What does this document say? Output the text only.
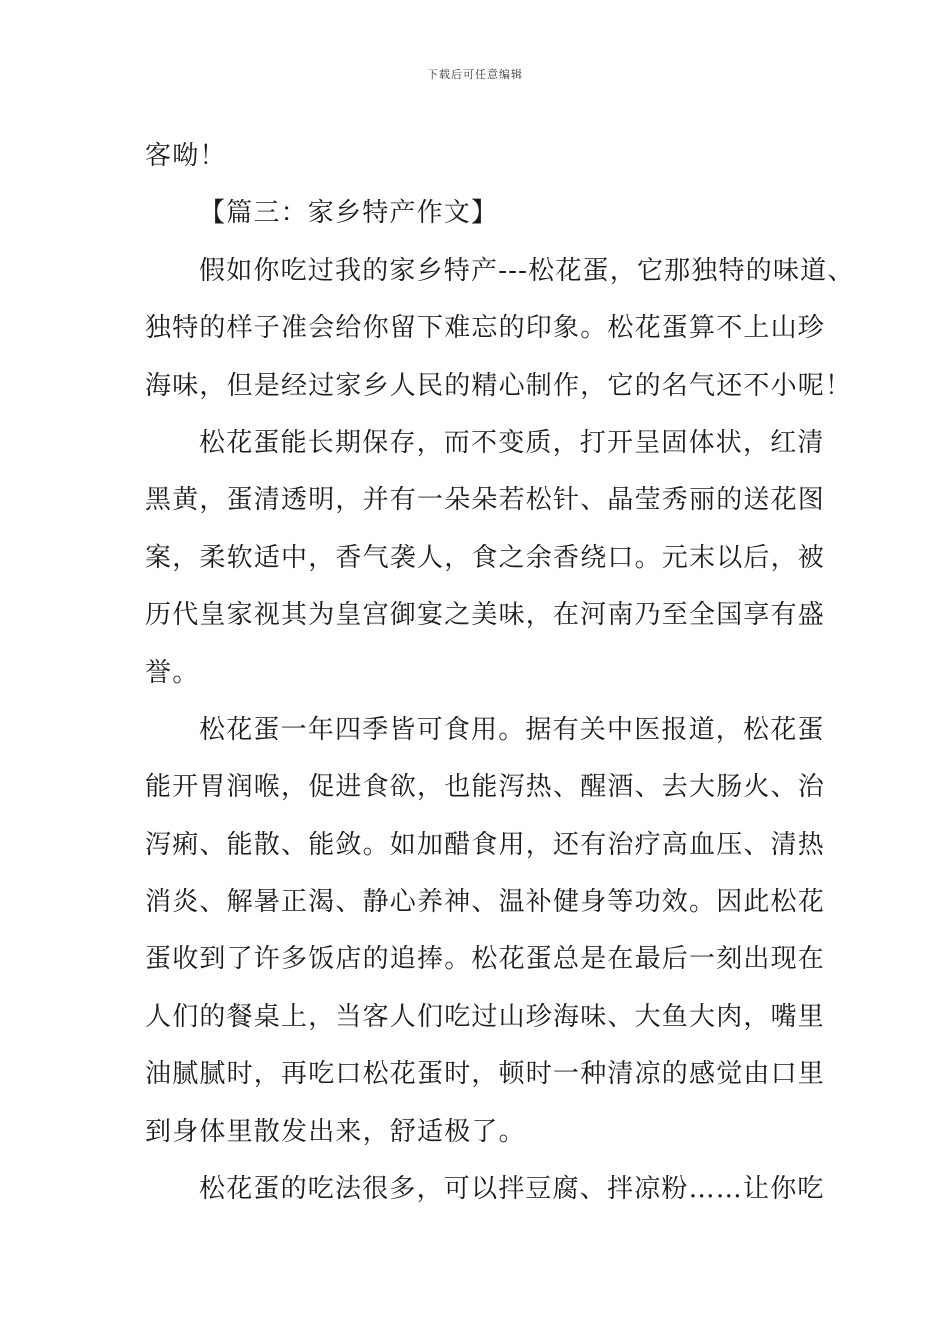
下载后可任意编辑
客呦！
【篇三：家乡特产作文】
假如你吃过我的家乡特产---松花蛋，它那独特的味道、
独特的样子准会给你留下难忘的印象。松花蛋算不上山珍
海味，但是经过家乡人民的精心制作，它的名气还不小呢！
松花蛋能长期保存，而不变质，打开呈固体状，红清
黑黄，蛋清透明，并有一朵朵若松针、晶莹秀丽的送花图
案，柔软适中，香气袭人，食之余香绕口。元末以后，被
历代皇家视其为皇宫御宴之美味，在河南乃至全国享有盛
誉。
松花蛋一年四季皆可食用。据有关中医报道，松花蛋
能开胃润喉，促进食欲，也能泻热、醒酒、去大肠火、治
泻痢、能散、能敛。如加醋食用，还有治疗高血压、清热
消炎、解暑正渴、静心养神、温补健身等功效。因此松花
蛋收到了许多饭店的追捧。松花蛋总是在最后一刻出现在
人们的餐桌上，当客人们吃过山珍海味、大鱼大肉，嘴里
油腻腻时，再吃口松花蛋时，顿时一种清凉的感觉由口里
到身体里散发出来，舒适极了。
松花蛋的吃法很多，可以拌豆腐、拌凉粉……让你吃
